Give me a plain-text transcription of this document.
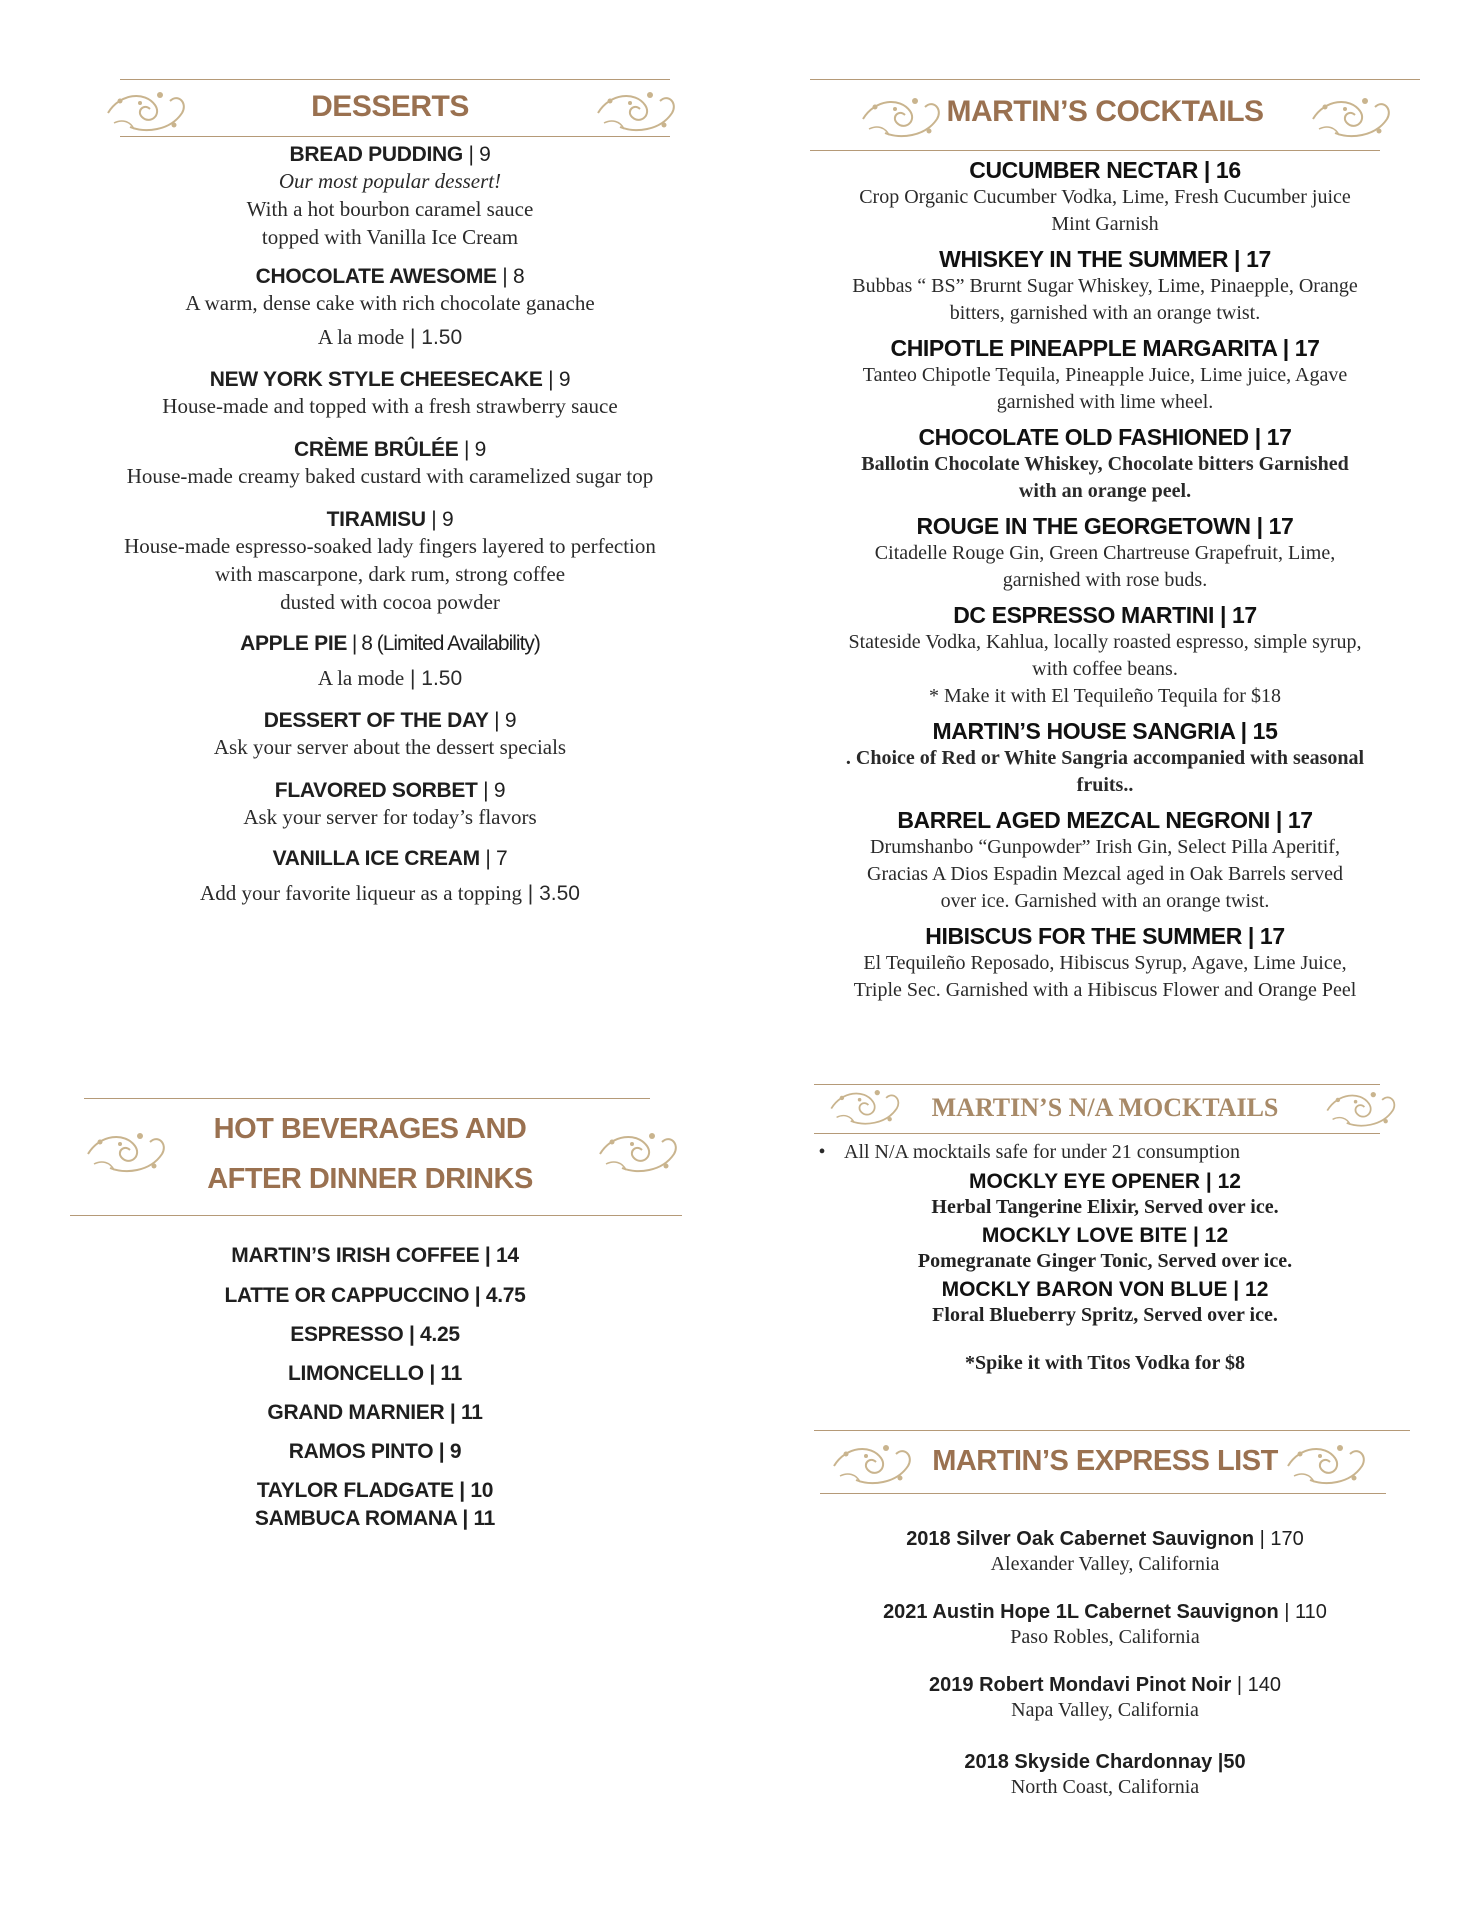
DESSERTS
BREAD PUDDING | 9
Our most popular dessert!
With a hot bourbon caramel sauce
topped with Vanilla Ice Cream
CHOCOLATE AWESOME | 8
A warm, dense cake with rich chocolate ganache
A la mode | 1.50
NEW YORK STYLE CHEESECAKE | 9
House-made and topped with a fresh strawberry sauce
CRÈME BRÛLÉE | 9
House-made creamy baked custard with caramelized sugar top
TIRAMISU | 9
House-made espresso-soaked lady fingers layered to perfection
with mascarpone, dark rum, strong coffee
dusted with cocoa powder
APPLE PIE | 8 (Limited Availability)
A la mode | 1.50
DESSERT OF THE DAY | 9
Ask your server about the dessert specials
FLAVORED SORBET | 9
Ask your server for today’s flavors
VANILLA ICE CREAM | 7
Add your favorite liqueur as a topping | 3.50
HOT BEVERAGES AND
AFTER DINNER DRINKS
MARTIN’S IRISH COFFEE | 14
LATTE OR CAPPUCCINO | 4.75
ESPRESSO | 4.25
LIMONCELLO | 11
GRAND MARNIER | 11
RAMOS PINTO | 9
TAYLOR FLADGATE | 10
SAMBUCA ROMANA | 11
MARTIN’S COCKTAILS
CUCUMBER NECTAR | 16
Crop Organic Cucumber Vodka, Lime, Fresh Cucumber juice
Mint Garnish
WHISKEY IN THE SUMMER | 17
Bubbas “ BS” Brurnt Sugar Whiskey, Lime, Pinaepple, Orange
bitters, garnished with an orange twist.
CHIPOTLE PINEAPPLE MARGARITA | 17
Tanteo Chipotle Tequila, Pineapple Juice, Lime juice, Agave
garnished with lime wheel.
CHOCOLATE OLD FASHIONED | 17
Ballotin Chocolate Whiskey, Chocolate bitters Garnished
with an orange peel.
ROUGE IN THE GEORGETOWN | 17
Citadelle Rouge Gin, Green Chartreuse Grapefruit, Lime,
garnished with rose buds.
DC ESPRESSO MARTINI | 17
Stateside Vodka, Kahlua, locally roasted espresso, simple syrup,
with coffee beans.
* Make it with El Tequileño Tequila for $18
MARTIN’S HOUSE SANGRIA | 15
. Choice of Red or White Sangria accompanied with seasonal
fruits..
BARREL AGED MEZCAL NEGRONI | 17
Drumshanbo “Gunpowder” Irish Gin, Select Pilla Aperitif,
Gracias A Dios Espadin Mezcal aged in Oak Barrels served
over ice. Garnished with an orange twist.
HIBISCUS FOR THE SUMMER | 17
El Tequileño Reposado, Hibiscus Syrup, Agave, Lime Juice,
Triple Sec. Garnished with a Hibiscus Flower and Orange Peel
MARTIN’S N/A MOCKTAILS
• All N/A mocktails safe for under 21 consumption
MOCKLY EYE OPENER | 12
Herbal Tangerine Elixir, Served over ice.
MOCKLY LOVE BITE | 12
Pomegranate Ginger Tonic, Served over ice.
MOCKLY BARON VON BLUE | 12
Floral Blueberry Spritz, Served over ice.
*Spike it with Titos Vodka for $8
MARTIN’S EXPRESS LIST
2018 Silver Oak Cabernet Sauvignon | 170
Alexander Valley, California
2021 Austin Hope 1L Cabernet Sauvignon | 110
Paso Robles, California
2019 Robert Mondavi Pinot Noir | 140
Napa Valley, California
2018 Skyside Chardonnay |50
North Coast, California
